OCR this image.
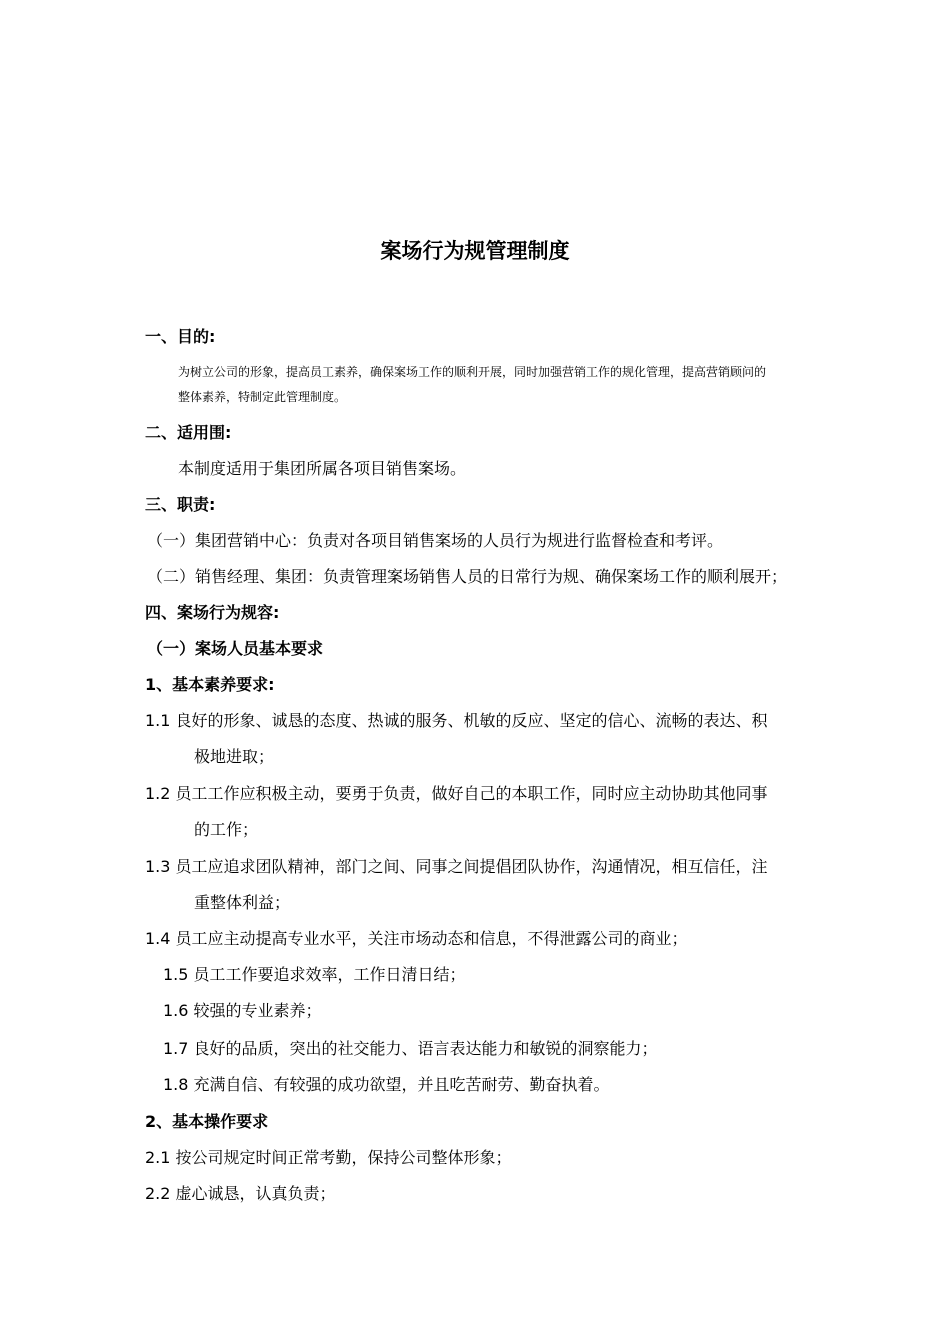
案场行为规管理制度
一、目的:
为树立公司的形象，提高员工素养，确保案场工作的顺利开展，同时加强营销工作的规化管理，提高营销顾问的
整体素养，特制定此管理制度。
二、适用围:
本制度适用于集团所属各项目销售案场。
三、职责:
（一）集团营销中心：负责对各项目销售案场的人员行为规进行监督检查和考评。
（二）销售经理、集团：负责管理案场销售人员的日常行为规、确保案场工作的顺利展开；
四、案场行为规容:
（一）案场人员基本要求
1、基本素养要求:
1.1 良好的形象、诚恳的态度、热诚的服务、机敏的反应、坚定的信心、流畅的表达、积
极地进取；
1.2 员工工作应积极主动，要勇于负责，做好自己的本职工作，同时应主动协助其他同事
的工作；
1.3 员工应追求团队精神，部门之间、同事之间提倡团队协作，沟通情况，相互信任，注
重整体利益；
1.4 员工应主动提高专业水平，关注市场动态和信息，不得泄露公司的商业；
1.5 员工工作要追求效率，工作日清日结；
1.6 较强的专业素养；
1.7 良好的品质，突出的社交能力、语言表达能力和敏锐的洞察能力；
1.8 充满自信、有较强的成功欲望，并且吃苦耐劳、勤奋执着。
2、基本操作要求
2.1 按公司规定时间正常考勤，保持公司整体形象；
2.2 虚心诚恳，认真负责；
